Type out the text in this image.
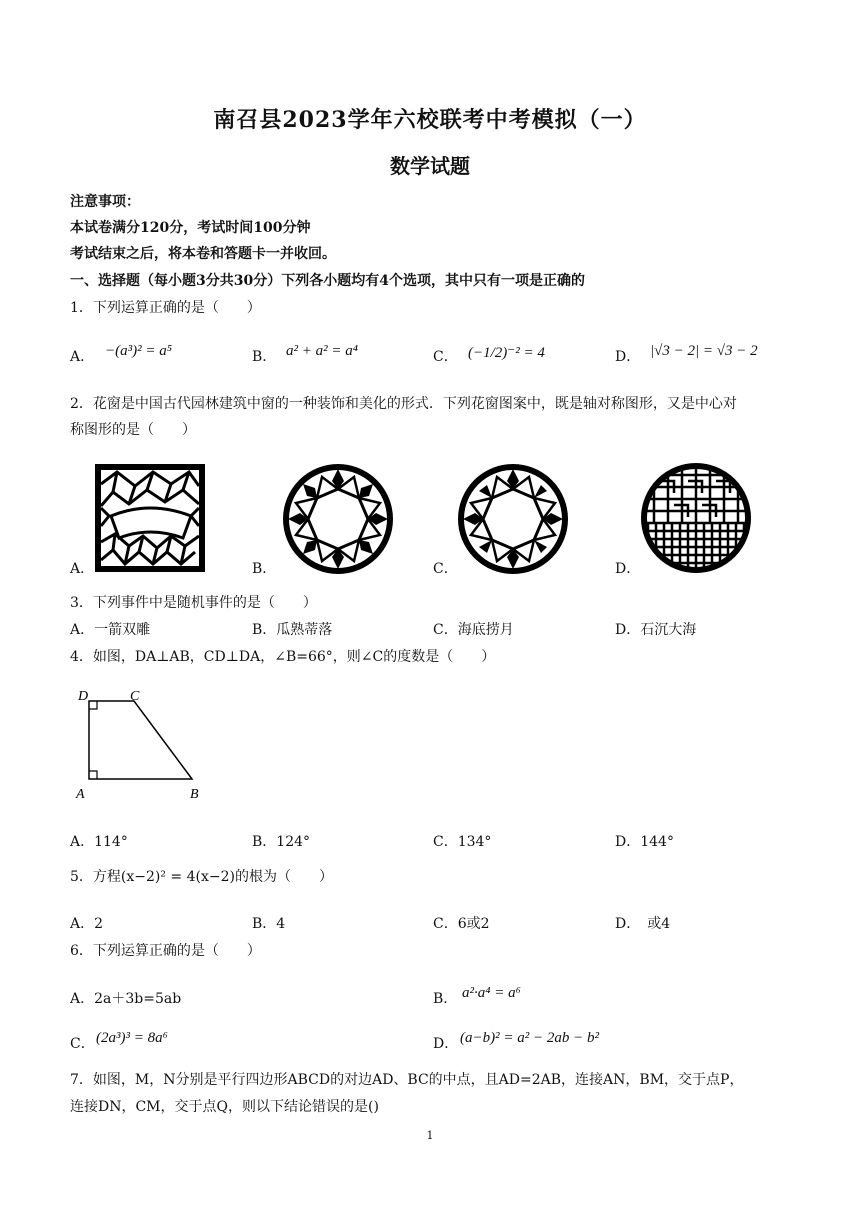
南召县2023学年六校联考中考模拟（一）
数学试题
注意事项：
本试卷满分120分，考试时间100分钟
考试结束之后，将本卷和答题卡一并收回。
一、选择题（每小题3分共30分）下列各小题均有4个选项，其中只有一项是正确的
1．下列运算正确的是（　　）
A． −(a³)² = a⁵	B． a² + a² = a⁴	C． (−1/2)⁻² = 4	D． |√3 − 2| = √3 − 2
2．花窗是中国古代园林建筑中窗的一种装饰和美化的形式．下列花窗图案中，既是轴对称图形，又是中心对
称图形的是（　　）
A．	B．	C．	D．
3．下列事件中是随机事件的是（　　）
A．一箭双雕	B．瓜熟蒂落	C．海底捞月	D．石沉大海
4．如图，DA⊥AB，CD⊥DA，∠B=66°，则∠C的度数是（　　）
D	C
A	B
A．114°	B．124°	C．134°	D．144°
5．方程(x−2)² = 4(x−2)的根为（　　）
A．2	B．4	C．6或2	D．　或4
6．下列运算正确的是（　　）
A．2a＋3b=5ab	B． a²·a⁴ = a⁶
C． (2a³)³ = 8a⁶	D． (a−b)² = a² − 2ab − b²
7．如图，M，N分别是平行四边形ABCD的对边AD、BC的中点，且AD=2AB，连接AN，BM，交于点P，
连接DN，CM，交于点Q，则以下结论错误的是()
1
